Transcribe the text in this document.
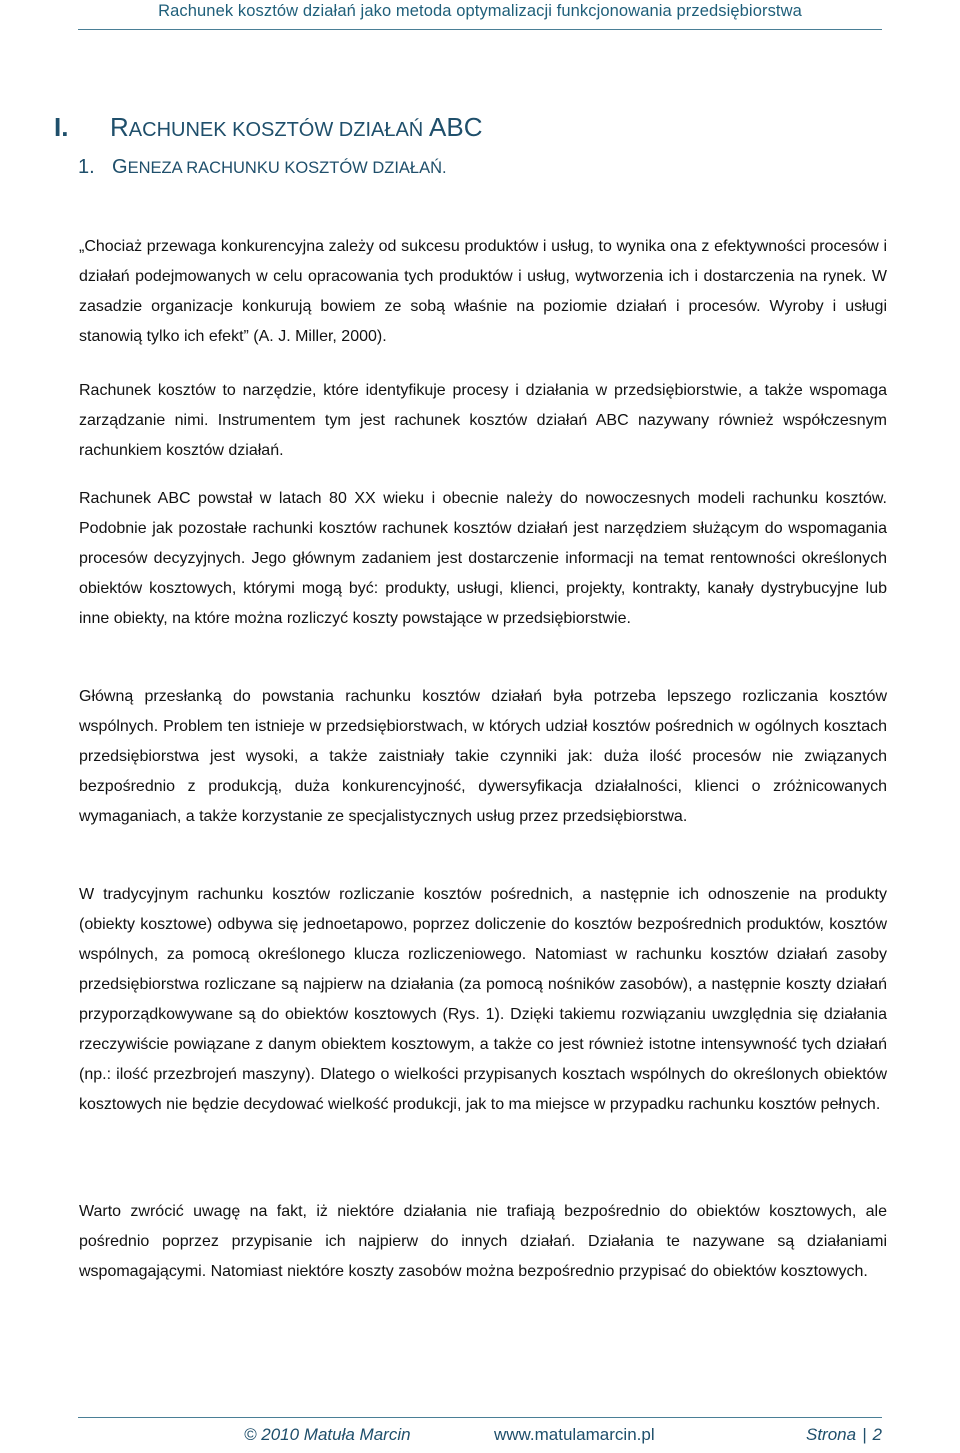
Rachunek kosztów działań jako metoda optymalizacji funkcjonowania przedsiębiorstwa
I. RACHUNEK KOSZTÓW DZIAŁAŃ ABC
1. GENEZA RACHUNKU KOSZTÓW DZIAŁAŃ.

„Chociaż przewaga konkurencyjna zależy od sukcesu produktów i usług, to wynika ona z efektywności procesów i działań podejmowanych w celu opracowania tych produktów i usług, wytworzenia ich i dostarczenia na rynek. W zasadzie organizacje konkurują bowiem ze sobą właśnie na poziomie działań i procesów. Wyroby i usługi stanowią tylko ich efekt” (A. J. Miller, 2000).

Rachunek kosztów to narzędzie, które identyfikuje procesy i działania w przedsiębiorstwie, a także wspomaga zarządzanie nimi. Instrumentem tym jest rachunek kosztów działań ABC nazywany również współczesnym rachunkiem kosztów działań.

Rachunek ABC powstał w latach 80 XX wieku i obecnie należy do nowoczesnych modeli rachunku kosztów. Podobnie jak pozostałe rachunki kosztów rachunek kosztów działań jest narzędziem służącym do wspomagania procesów decyzyjnych. Jego głównym zadaniem jest dostarczenie informacji na temat rentowności określonych obiektów kosztowych, którymi mogą być: produkty, usługi, klienci, projekty, kontrakty, kanały dystrybucyjne lub inne obiekty, na które można rozliczyć koszty powstające w przedsiębiorstwie.

Główną przesłanką do powstania rachunku kosztów działań była potrzeba lepszego rozliczania kosztów wspólnych. Problem ten istnieje w przedsiębiorstwach, w których udział kosztów pośrednich w ogólnych kosztach przedsiębiorstwa jest wysoki, a także zaistniały takie czynniki jak: duża ilość procesów nie związanych bezpośrednio z produkcją, duża konkurencyjność, dywersyfikacja działalności, klienci o zróżnicowanych wymaganiach, a także korzystanie ze specjalistycznych usług przez przedsiębiorstwa.

W tradycyjnym rachunku kosztów rozliczanie kosztów pośrednich, a następnie ich odnoszenie na produkty (obiekty kosztowe) odbywa się jednoetapowo, poprzez doliczenie do kosztów bezpośrednich produktów, kosztów wspólnych, za pomocą określonego klucza rozliczeniowego. Natomiast w rachunku kosztów działań zasoby przedsiębiorstwa rozliczane są najpierw na działania (za pomocą nośników zasobów), a następnie koszty działań przyporządkowywane są do obiektów kosztowych (Rys. 1). Dzięki takiemu rozwiązaniu uwzględnia się działania rzeczywiście powiązane z danym obiektem kosztowym, a także co jest również istotne intensywność tych działań (np.: ilość przezbrojeń maszyny). Dlatego o wielkości przypisanych kosztach wspólnych do określonych obiektów kosztowych nie będzie decydować wielkość produkcji, jak to ma miejsce w przypadku rachunku kosztów pełnych.

Warto zwrócić uwagę na fakt, iż niektóre działania nie trafiają bezpośrednio do obiektów kosztowych, ale pośrednio poprzez przypisanie ich najpierw do innych działań. Działania te nazywane są działaniami wspomagającymi. Natomiast niektóre koszty zasobów można bezpośrednio przypisać do obiektów kosztowych.

© 2010 Matuła Marcin	www.matulamarcin.pl	Strona | 2
